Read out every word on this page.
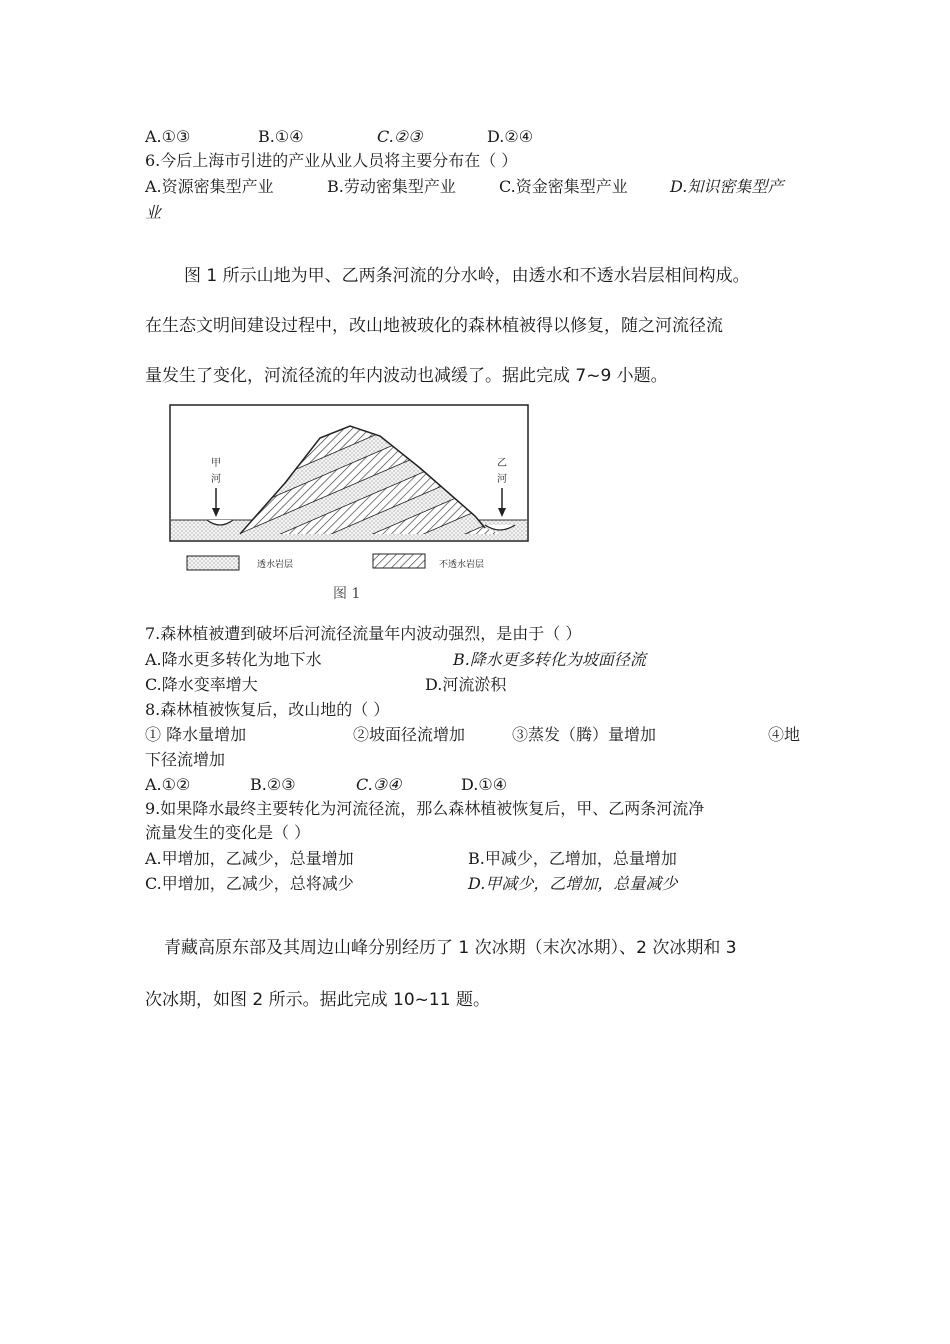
A.①③	B.①④	C.②③	D.②④
6.今后上海市引进的产业从业人员将主要分布在（ ）
A.资源密集型产业	B.劳动密集型产业	C.资金密集型产业	D.知识密集型产
业
图 1 所示山地为甲、乙两条河流的分水岭，由透水和不透水岩层相间构成。
在生态文明间建设过程中，改山地被玻化的森林植被得以修复，随之河流径流
量发生了变化，河流径流的年内波动也减缓了。据此完成 7~9 小题。
甲
河
乙
河
透水岩层	不透水岩层
图 1
7.森林植被遭到破坏后河流径流量年内波动强烈，是由于（ ）
A.降水更多转化为地下水	B.降水更多转化为坡面径流
C.降水变率增大	D.河流淤积
8.森林植被恢复后，改山地的（ ）
① 降水量增加	②坡面径流增加	③蒸发（腾）量增加	④地
下径流增加
A.①②	B.②③	C.③④	D.①④
9.如果降水最终主要转化为河流径流，那么森林植被恢复后，甲、乙两条河流净
流量发生的变化是（ ）
A.甲增加，乙减少，总量增加	B.甲减少，乙增加，总量增加
C.甲增加，乙减少，总将减少	D.甲减少，乙增加，总量减少
青藏高原东部及其周边山峰分别经历了 1 次冰期（末次冰期）、2 次冰期和 3
次冰期，如图 2 所示。据此完成 10~11 题。
